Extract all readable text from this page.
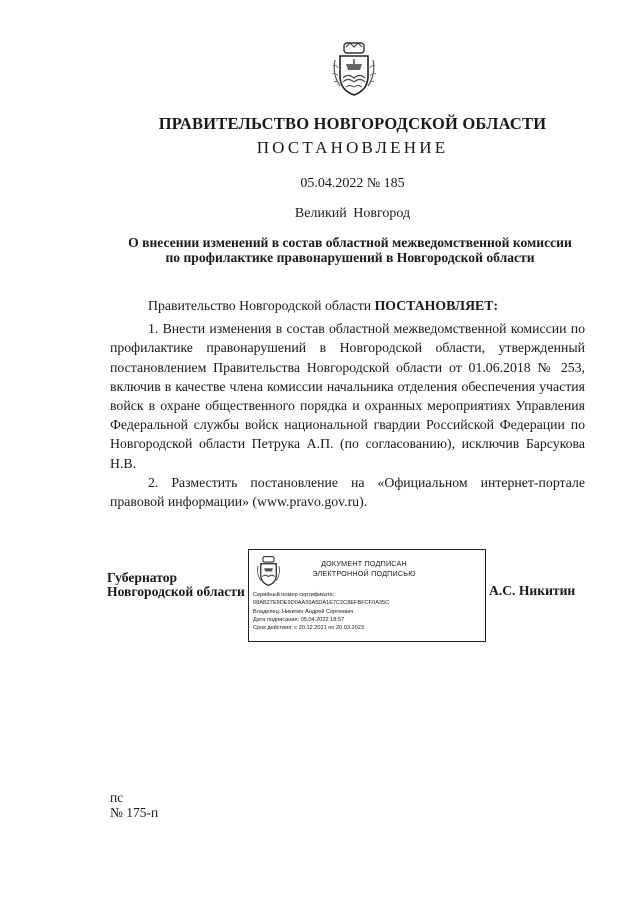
ПРАВИТЕЛЬСТВО НОВГОРОДСКОЙ ОБЛАСТИ
ПОСТАНОВЛЕНИЕ
05.04.2022 № 185
Великий Новгород
О внесении изменений в состав областной межведомственной комиссии
по профилактике правонарушений в Новгородской области

Правительство Новгородской области ПОСТАНОВЛЯЕТ:

1. Внести изменения в состав областной межведомственной комиссии по профилактике правонарушений в Новгородской области, утвержденный постановлением Правительства Новгородской области от 01.06.2018 № 253, включив в качестве члена комиссии начальника отделения обеспечения участия войск в охране общественного порядка и охранных мероприятиях Управления Федеральной службы войск национальной гвардии Российской Федерации по Новгородской области Петрука А.П. (по согласованию), исключив Барсукова Н.В.

2. Разместить постановление на «Официальном интернет-портале правовой информации» (www.pravo.gov.ru).

Губернатор
Новгородской области
ДОКУМЕНТ ПОДПИСАН
ЭЛЕКТРОННОЙ ПОДПИСЬЮ
Серийный номер сертификата:
68AB27E9DE9D0AA39A5DA1E7C2C8EFBFCF0A35C
Владелец: Никитин Андрей Сергеевич
Дата подписания: 05.04.2022 18:57
Срок действия: с 20.12.2021 по 20.03.2023
А.С. Никитин
пс
№ 175-п
